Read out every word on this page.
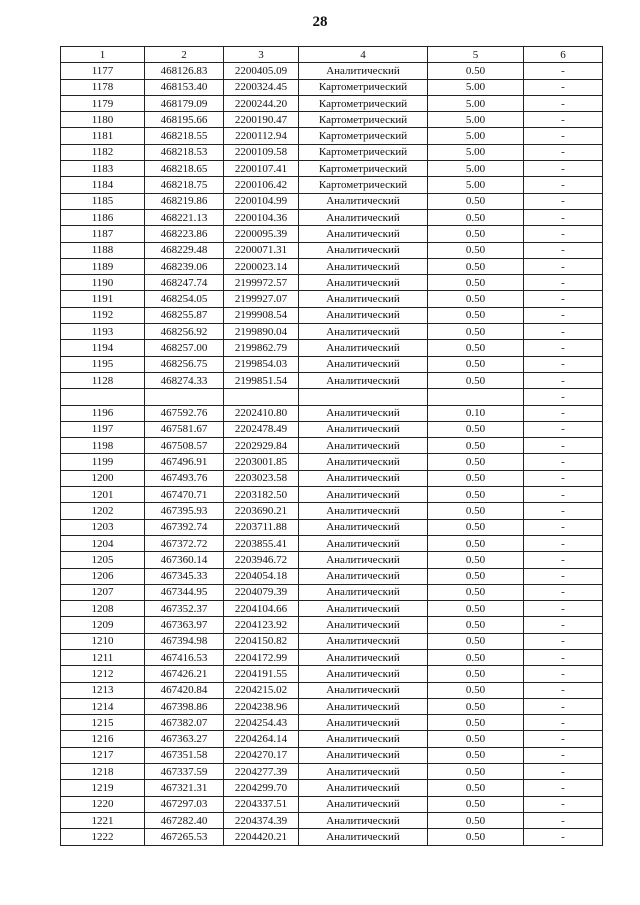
28
1	2	3	4	5	6
1177	468126.83	2200405.09	Аналитический	0.50	-
1178	468153.40	2200324.45	Картометрический	5.00	-
1179	468179.09	2200244.20	Картометрический	5.00	-
1180	468195.66	2200190.47	Картометрический	5.00	-
1181	468218.55	2200112.94	Картометрический	5.00	-
1182	468218.53	2200109.58	Картометрический	5.00	-
1183	468218.65	2200107.41	Картометрический	5.00	-
1184	468218.75	2200106.42	Картометрический	5.00	-
1185	468219.86	2200104.99	Аналитический	0.50	-
1186	468221.13	2200104.36	Аналитический	0.50	-
1187	468223.86	2200095.39	Аналитический	0.50	-
1188	468229.48	2200071.31	Аналитический	0.50	-
1189	468239.06	2200023.14	Аналитический	0.50	-
1190	468247.74	2199972.57	Аналитический	0.50	-
1191	468254.05	2199927.07	Аналитический	0.50	-
1192	468255.87	2199908.54	Аналитический	0.50	-
1193	468256.92	2199890.04	Аналитический	0.50	-
1194	468257.00	2199862.79	Аналитический	0.50	-
1195	468256.75	2199854.03	Аналитический	0.50	-
1128	468274.33	2199851.54	Аналитический	0.50	-
					-
1196	467592.76	2202410.80	Аналитический	0.10	-
1197	467581.67	2202478.49	Аналитический	0.50	-
1198	467508.57	2202929.84	Аналитический	0.50	-
1199	467496.91	2203001.85	Аналитический	0.50	-
1200	467493.76	2203023.58	Аналитический	0.50	-
1201	467470.71	2203182.50	Аналитический	0.50	-
1202	467395.93	2203690.21	Аналитический	0.50	-
1203	467392.74	2203711.88	Аналитический	0.50	-
1204	467372.72	2203855.41	Аналитический	0.50	-
1205	467360.14	2203946.72	Аналитический	0.50	-
1206	467345.33	2204054.18	Аналитический	0.50	-
1207	467344.95	2204079.39	Аналитический	0.50	-
1208	467352.37	2204104.66	Аналитический	0.50	-
1209	467363.97	2204123.92	Аналитический	0.50	-
1210	467394.98	2204150.82	Аналитический	0.50	-
1211	467416.53	2204172.99	Аналитический	0.50	-
1212	467426.21	2204191.55	Аналитический	0.50	-
1213	467420.84	2204215.02	Аналитический	0.50	-
1214	467398.86	2204238.96	Аналитический	0.50	-
1215	467382.07	2204254.43	Аналитический	0.50	-
1216	467363.27	2204264.14	Аналитический	0.50	-
1217	467351.58	2204270.17	Аналитический	0.50	-
1218	467337.59	2204277.39	Аналитический	0.50	-
1219	467321.31	2204299.70	Аналитический	0.50	-
1220	467297.03	2204337.51	Аналитический	0.50	-
1221	467282.40	2204374.39	Аналитический	0.50	-
1222	467265.53	2204420.21	Аналитический	0.50	-
